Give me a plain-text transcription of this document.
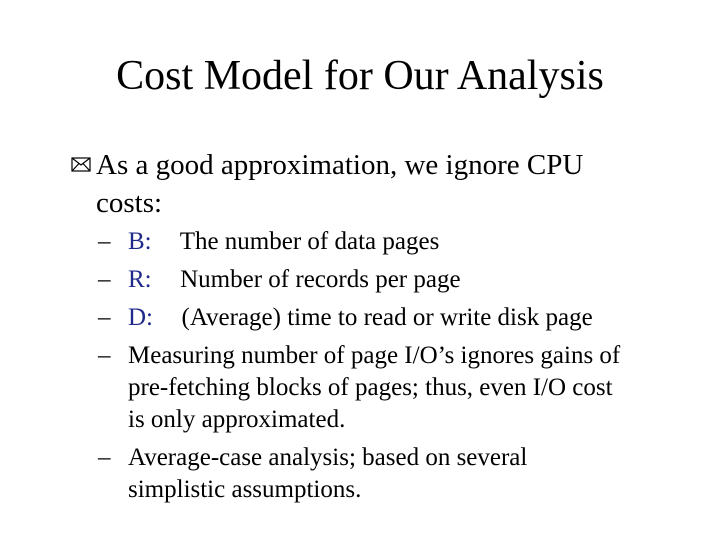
Cost Model for Our Analysis
As a good approximation, we ignore CPU
costs:
– B: The number of data pages
– R: Number of records per page
– D: (Average) time to read or write disk page
– Measuring number of page I/O’s ignores gains of
pre-fetching blocks of pages; thus, even I/O cost
is only approximated.
– Average-case analysis; based on several
simplistic assumptions.
